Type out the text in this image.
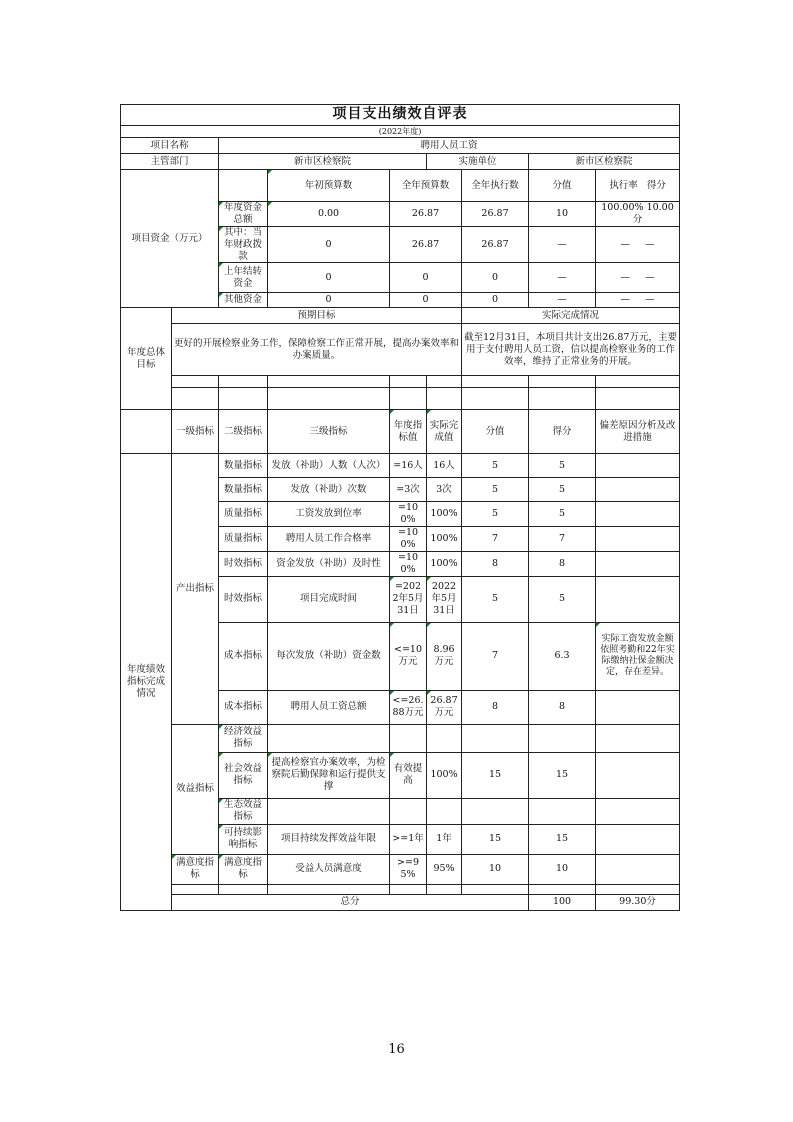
项目支出绩效自评表			
(2022年度)			
项目名称	聘用人员工资		
主管部门	新市区检察院	实施单位	新市区检察院
项目资金（万元）			年初预算数	全年预算数		全年执行数	分值	执行率 得分	
		年度资金总额	0.00	26.87		26.87	10	100.00% 10.00分	
		其中：当年财政拨款	0	26.87		26.87	—	— —	
		上年结转资金	0	0		0	—	— —	
		其他资金	0	0		0	—	— —	
年度总体目标	预期目标					实际完成情况			
	更好的开展检察业务工作，保障检察工作正常开展，提高办案效率和办案质量。					截至12月31日，本项目共计支出26.87万元，主要用于支付聘用人员工资，信以提高检察业务的工作效率，维持了正常业务的开展。			

	一级指标	二级指标	三级指标	年度指标值	实际完成值	分值	得分	偏差原因分析及改进措施	
年度绩效指标完成情况	产出指标	数量指标	发放（补助）人数（人次）	=16人	16人	5	5		
		数量指标	发放（补助）次数	=3次	3次	5	5		
		质量指标	工资发放到位率	=100%	100%	5	5		
		质量指标	聘用人员工作合格率	=100%	100%	7	7		
		时效指标	资金发放（补助）及时性	=100%	100%	8	8		
		时效指标	项目完成时间	=2022年5月31日	2022年5月31日	5	5		
		成本指标	每次发放（补助）资金数	<=10万元	8.96万元	7	6.3	实际工资发放金额依照考勤和22年实际缴纳社保金额决定，存在差异。	
		成本指标	聘用人员工资总额	<=26.88万元	26.87万元	8	8		
	效益指标	经济效益指标							
		社会效益指标	提高检察官办案效率，为检察院后勤保障和运行提供支撑	有效提高	100%	15	15		
		生态效益指标							
		可持续影响指标	项目持续发挥效益年限	>=1年	1年	15	15		
	满意度指标	满意度指标	受益人员满意度	>=95%	95%	10	10		

	总分						100	99.30分	
16
